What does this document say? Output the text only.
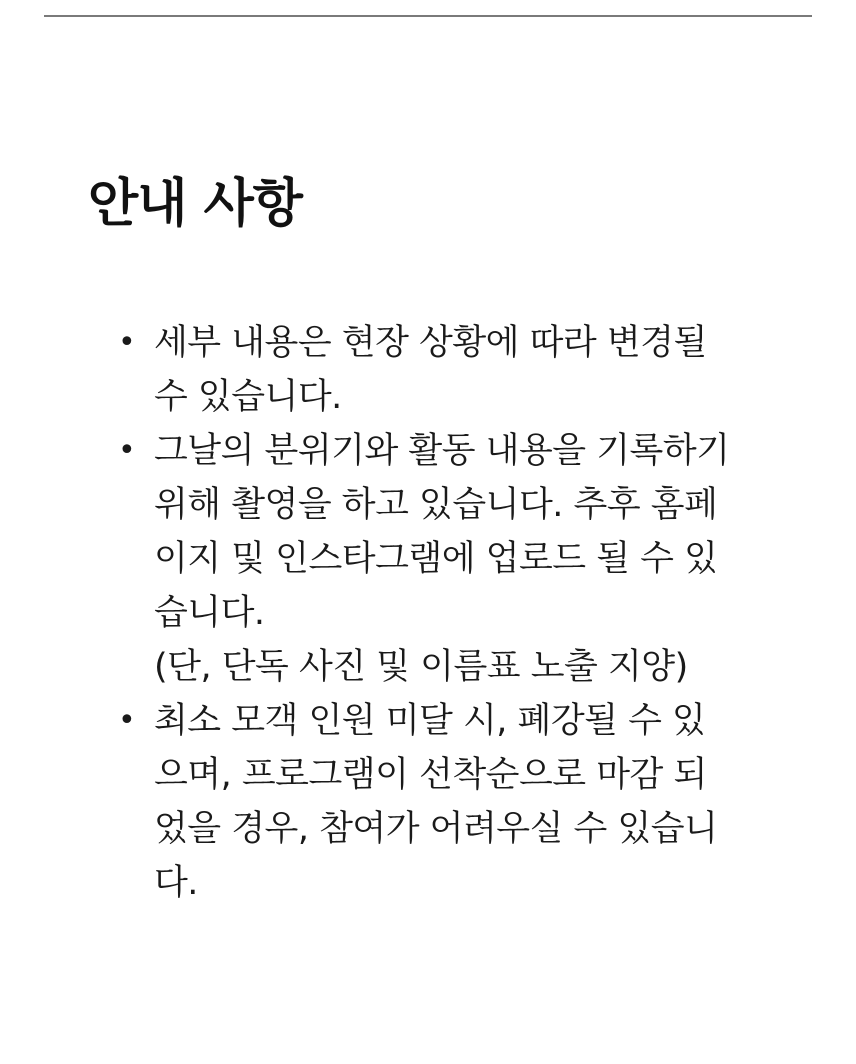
안내 사항
• 세부 내용은 현장 상황에 따라 변경될
수 있습니다.
• 그날의 분위기와 활동 내용을 기록하기
위해 촬영을 하고 있습니다. 추후 홈페
이지 및 인스타그램에 업로드 될 수 있
습니다.
(단, 단독 사진 및 이름표 노출 지양)
• 최소 모객 인원 미달 시, 폐강될 수 있
으며, 프로그램이 선착순으로 마감 되
었을 경우, 참여가 어려우실 수 있습니
다.
